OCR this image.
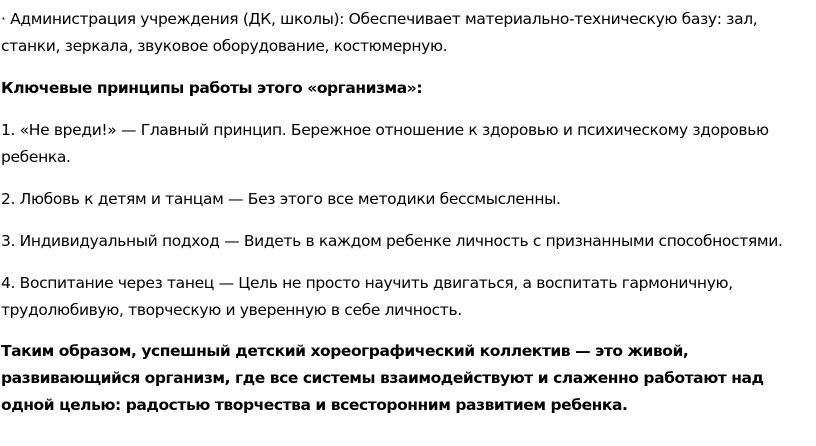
· Администрация учреждения (ДК, школы): Обеспечивает материально-техническую базу: зал, станки, зеркала, звуковое оборудование, костюмерную.

Ключевые принципы работы этого «организма»:

1. «Не вреди!» — Главный принцип. Бережное отношение к здоровью и психическому здоровью ребенка.

2. Любовь к детям и танцам — Без этого все методики бессмысленны.

3. Индивидуальный подход — Видеть в каждом ребенке личность с признанными способностями.

4. Воспитание через танец — Цель не просто научить двигаться, а воспитать гармоничную, трудолюбивую, творческую и уверенную в себе личность.

Таким образом, успешный детский хореографический коллектив — это живой, развивающийся организм, где все системы взаимодействуют и слаженно работают над одной целью: радостью творчества и всесторонним развитием ребенка.
